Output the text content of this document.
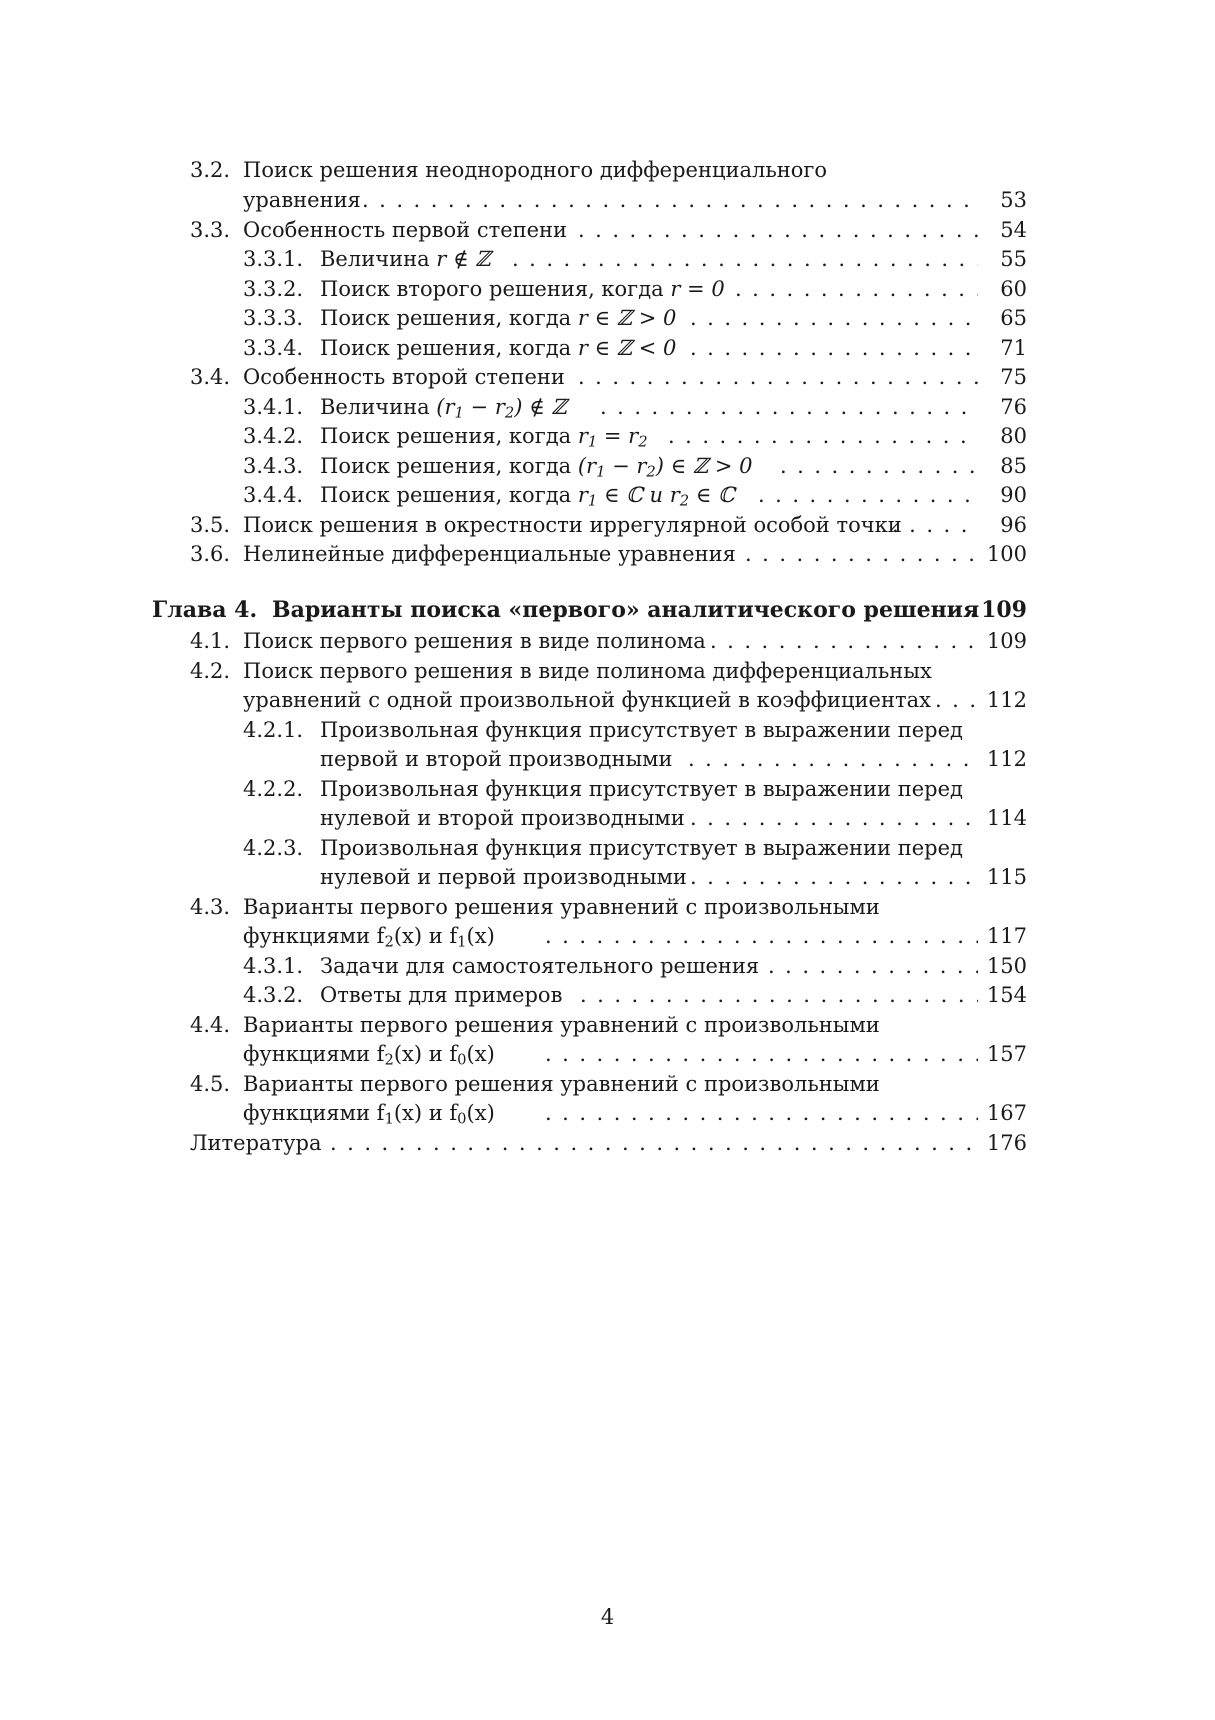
3.2. Поиск решения неоднородного дифференциального
уравнения .....	53
3.3. Особенность первой степени .....	54
3.3.1. Величина r ∉ ℤ .....	55
3.3.2. Поиск второго решения, когда r = 0 .....	60
3.3.3. Поиск решения, когда r ∈ ℤ > 0 .....	65
3.3.4. Поиск решения, когда r ∈ ℤ < 0 .....	71
3.4. Особенность второй степени .....	75
3.4.1. Величина $(r_1 - r_2)$ ∉ ℤ .....	76
3.4.2. Поиск решения, когда $r_1 = r_2$ .....	80
3.4.3. Поиск решения, когда $(r_1 - r_2)$ ∈ ℤ > 0 .....	85
3.4.4. Поиск решения, когда $r_1$ ∈ ℂ и $r_2$ ∈ ℂ .....	90
3.5. Поиск решения в окрестности иррегулярной особой точки .....	96
3.6. Нелинейные дифференциальные уравнения .....	100
Глава 4. Варианты поиска «первого» аналитического решения ..... 109
4.1. Поиск первого решения в виде полинома .....	109
4.2. Поиск первого решения в виде полинома дифференциальных
уравнений с одной произвольной функцией в коэффициентах .....	112
4.2.1. Произвольная функция присутствует в выражении перед
первой и второй производными .....	112
4.2.2. Произвольная функция присутствует в выражении перед
нулевой и второй производными .....	114
4.2.3. Произвольная функция присутствует в выражении перед
нулевой и первой производными .....	115
4.3. Варианты первого решения уравнений с произвольными
функциями $f_2(x)$ и $f_1(x)$ .....	117
4.3.1. Задачи для самостоятельного решения .....	150
4.3.2. Ответы для примеров .....	154
4.4. Варианты первого решения уравнений с произвольными
функциями $f_2(x)$ и $f_0(x)$ .....	157
4.5. Варианты первого решения уравнений с произвольными
функциями $f_1(x)$ и $f_0(x)$ .....	167
Литература .....	176
4
